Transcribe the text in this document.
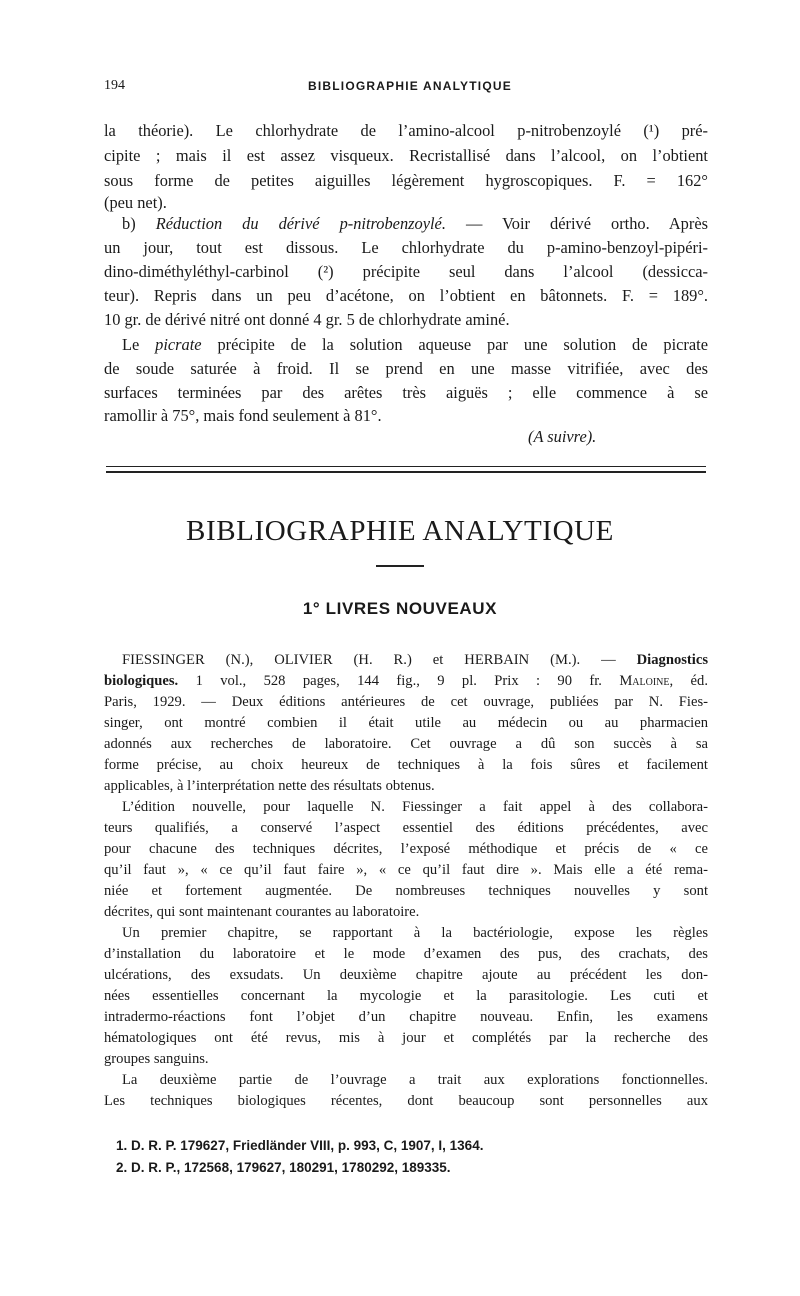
194	BIBLIOGRAPHIE ANALYTIQUE
la théorie). Le chlorhydrate de l’amino-alcool p-nitrobenzoylé (¹) pré-
cipite ; mais il est assez visqueux. Recristallisé dans l’alcool, on l’obtient
sous forme de petites aiguilles légèrement hygroscopiques. F. = 162°
(peu net).
b) Réduction du dérivé p-nitrobenzoylé. — Voir dérivé ortho. Après
un jour, tout est dissous. Le chlorhydrate du p-amino-benzoyl-pipéri-
dino-diméthyléthyl-carbinol (²) précipite seul dans l’alcool (dessicca-
teur). Repris dans un peu d’acétone, on l’obtient en bâtonnets. F. = 189°.
10 gr. de dérivé nitré ont donné 4 gr. 5 de chlorhydrate aminé.
Le picrate précipite de la solution aqueuse par une solution de picrate
de soude saturée à froid. Il se prend en une masse vitrifiée, avec des
surfaces terminées par des arêtes très aiguës ; elle commence à se
ramollir à 75°, mais fond seulement à 81°.
(A suivre).
BIBLIOGRAPHIE ANALYTIQUE
1° LIVRES NOUVEAUX
FIESSINGER (N.), OLIVIER (H. R.) et HERBAIN (M.). — Diagnostics
biologiques. 1 vol., 528 pages, 144 fig., 9 pl. Prix : 90 fr. Maloine, éd.
Paris, 1929. — Deux éditions antérieures de cet ouvrage, publiées par N. Fies-
singer, ont montré combien il était utile au médecin ou au pharmacien
adonnés aux recherches de laboratoire. Cet ouvrage a dû son succès à sa
forme précise, au choix heureux de techniques à la fois sûres et facilement
applicables, à l’interprétation nette des résultats obtenus.
L’édition nouvelle, pour laquelle N. Fiessinger a fait appel à des collabora-
teurs qualifiés, a conservé l’aspect essentiel des éditions précédentes, avec
pour chacune des techniques décrites, l’exposé méthodique et précis de « ce
qu’il faut », « ce qu’il faut faire », « ce qu’il faut dire ». Mais elle a été rema-
niée et fortement augmentée. De nombreuses techniques nouvelles y sont
décrites, qui sont maintenant courantes au laboratoire.
Un premier chapitre, se rapportant à la bactériologie, expose les règles
d’installation du laboratoire et le mode d’examen des pus, des crachats, des
ulcérations, des exsudats. Un deuxième chapitre ajoute au précédent les don-
nées essentielles concernant la mycologie et la parasitologie. Les cuti et
intradermo-réactions font l’objet d’un chapitre nouveau. Enfin, les examens
hématologiques ont été revus, mis à jour et complétés par la recherche des
groupes sanguins.
La deuxième partie de l’ouvrage a trait aux explorations fonctionnelles.
Les techniques biologiques récentes, dont beaucoup sont personnelles aux
1. D. R. P. 179627, Friedländer VIII, p. 993, C, 1907, I, 1364.
2. D. R. P., 172568, 179627, 180291, 1780292, 189335.
